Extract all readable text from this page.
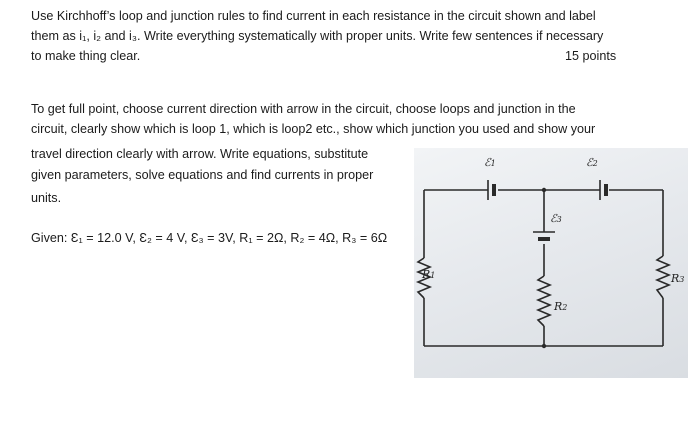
Use Kirchhoff’s loop and junction rules to find current in each resistance in the circuit shown and label
them as i₁, i₂ and i₃. Write everything systematically with proper units. Write few sentences if necessary
to make thing clear.	15 points
To get full point, choose current direction with arrow in the circuit, choose loops and junction in the
circuit, clearly show which is loop 1, which is loop2 etc., show which junction you used and show your
travel direction clearly with arrow. Write equations, substitute
given parameters, solve equations and find currents in proper
units.
Given: Ɛ₁ = 12.0 V, Ɛ₂ = 4 V, Ɛ₃ = 3V, R₁ = 2Ω, R₂ = 4Ω, R₃ = 6Ω
ℰ1	ℰ2
ℰ3
R1
R2
R3
